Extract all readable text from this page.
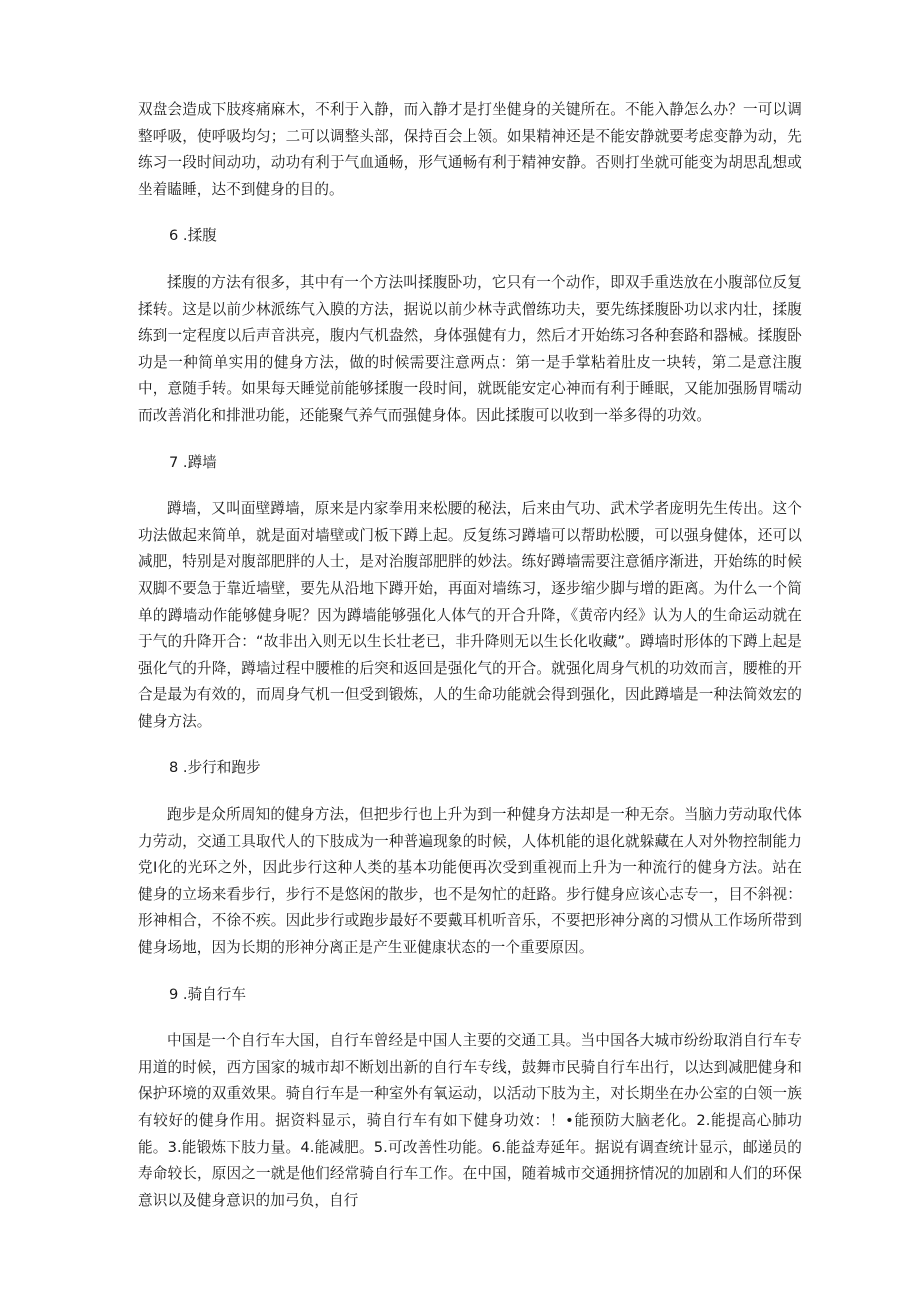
双盘会造成下肢疼痛麻木，不利于入静，而入静才是打坐健身的关键所在。不能入静怎么办？一可以调整呼吸，使呼吸均匀；二可以调整头部，保持百会上领。如果精神还是不能安静就要考虑变静为动，先练习一段时间动功，动功有利于气血通畅，形气通畅有利于精神安静。否则打坐就可能变为胡思乱想或坐着瞌睡，达不到健身的目的。

6 .揉腹

揉腹的方法有很多，其中有一个方法叫揉腹卧功，它只有一个动作，即双手重迭放在小腹部位反复揉转。这是以前少林派练气入膜的方法，据说以前少林寺武僧练功夫，要先练揉腹卧功以求内壮，揉腹练到一定程度以后声音洪亮，腹内气机盎然，身体强健有力，然后才开始练习各种套路和器械。揉腹卧功是一种简单实用的健身方法，做的时候需要注意两点：第一是手掌粘着肚皮一块转，第二是意注腹中，意随手转。如果每天睡觉前能够揉腹一段时间，就既能安定心神而有利于睡眠，又能加强肠胃嚅动而改善消化和排泄功能，还能聚气养气而强健身体。因此揉腹可以收到一举多得的功效。

7 .蹲墙

蹲墙，又叫面壁蹲墙，原来是内家拳用来松腰的秘法，后来由气功、武术学者庞明先生传出。这个功法做起来简单，就是面对墙壁或门板下蹲上起。反复练习蹲墙可以帮助松腰，可以强身健体，还可以减肥，特别是对腹部肥胖的人士，是对治腹部肥胖的妙法。练好蹲墙需要注意循序渐进，开始练的时候双脚不要急于靠近墙壁，要先从沿地下蹲开始，再面对墙练习，逐步缩少脚与增的距离。为什么一个简单的蹲墙动作能够健身呢？因为蹲墙能够强化人体气的开合升降，《黄帝内经》认为人的生命运动就在于气的升降开合：“故非出入则无以生长壮老已，非升降则无以生长化收藏”。蹲墙时形体的下蹲上起是强化气的升降，蹲墙过程中腰椎的后突和返回是强化气的开合。就强化周身气机的功效而言，腰椎的开合是最为有效的，而周身气机一但受到锻炼，人的生命功能就会得到强化，因此蹲墙是一种法简效宏的健身方法。

8 .步行和跑步

跑步是众所周知的健身方法，但把步行也上升为到一种健身方法却是一种无奈。当脑力劳动取代体力劳动，交通工具取代人的下肢成为一种普遍现象的时候，人体机能的退化就躲藏在人对外物控制能力党I化的光环之外，因此步行这种人类的基本功能便再次受到重视而上升为一种流行的健身方法。站在健身的立场来看步行，步行不是悠闲的散步，也不是匆忙的赶路。步行健身应该心志专一，目不斜视：形神相合，不徐不疾。因此步行或跑步最好不要戴耳机听音乐，不要把形神分离的习惯从工作场所带到健身场地，因为长期的形神分离正是产生亚健康状态的一个重要原因。

9 .骑自行车

中国是一个自行车大国，自行车曾经是中国人主要的交通工具。当中国各大城市纷纷取消自行车专用道的时候，西方国家的城市却不断划出新的自行车专线，鼓舞市民骑自行车出行，以达到减肥健身和保护环境的双重效果。骑自行车是一种室外有氧运动，以活动下肢为主，对长期坐在办公室的白领一族有较好的健身作用。据资料显示，骑自行车有如下健身功效：！•能预防大脑老化。2.能提高心肺功能。3.能锻炼下肢力量。4.能减肥。5.可改善性功能。6.能益寿延年。据说有调查统计显示，邮递员的寿命较长，原因之一就是他们经常骑自行车工作。在中国，随着城市交通拥挤情况的加剧和人们的环保意识以及健身意识的加弓负，自行
